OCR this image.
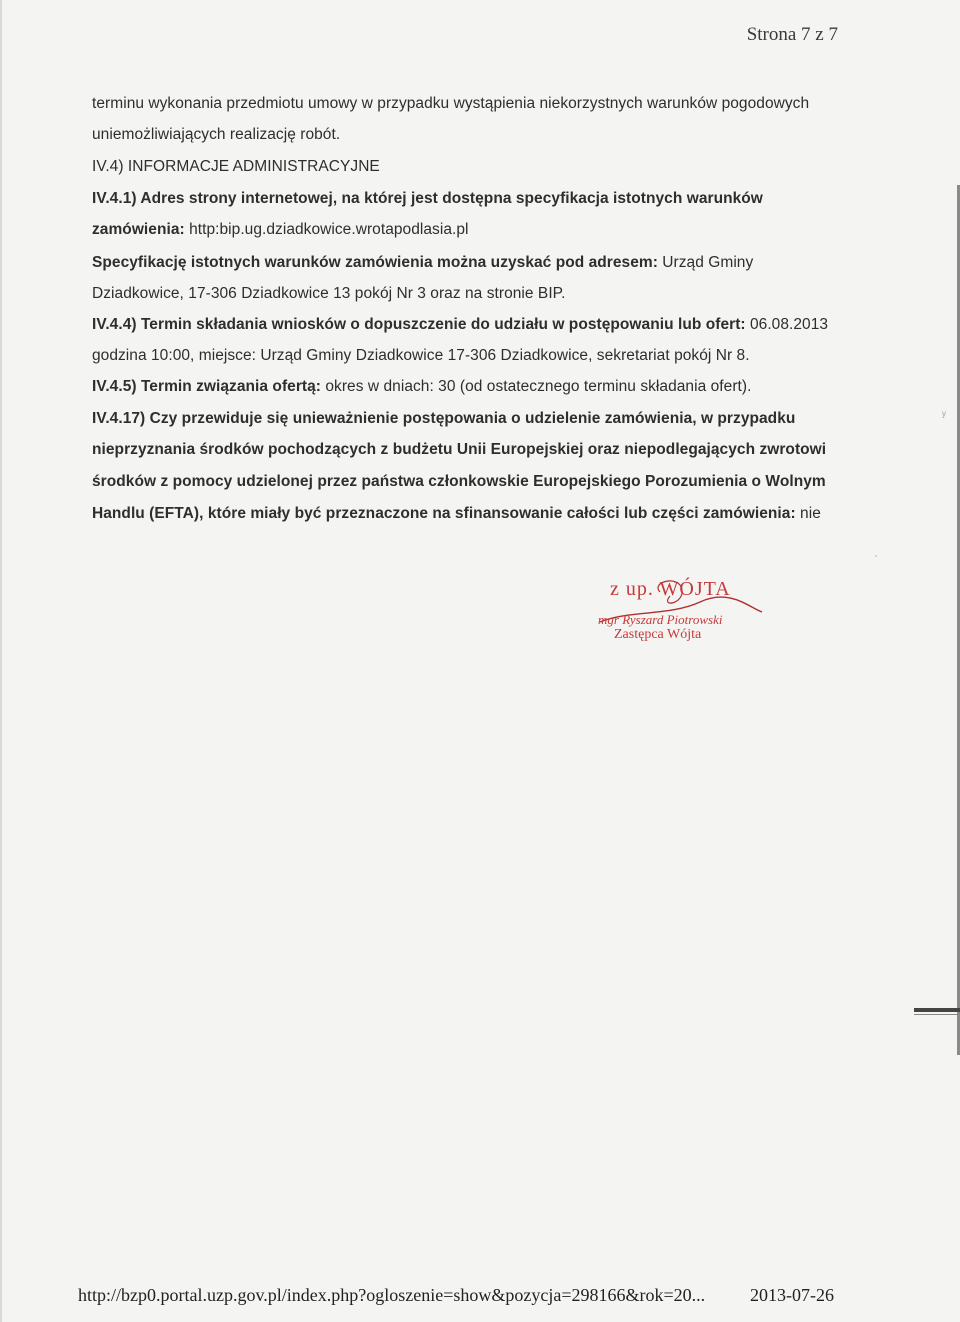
Strona 7 z 7
terminu wykonania przedmiotu umowy w przypadku wystąpienia niekorzystnych warunków pogodowych
uniemożliwiających realizację robót.
IV.4) INFORMACJE ADMINISTRACYJNE
IV.4.1) Adres strony internetowej, na której jest dostępna specyfikacja istotnych warunków
zamówienia: http:bip.ug.dziadkowice.wrotapodlasia.pl
Specyfikację istotnych warunków zamówienia można uzyskać pod adresem: Urząd Gminy
Dziadkowice, 17-306 Dziadkowice 13 pokój Nr 3 oraz na stronie BIP.
IV.4.4) Termin składania wniosków o dopuszczenie do udziału w postępowaniu lub ofert: 06.08.2013
godzina 10:00, miejsce: Urząd Gminy Dziadkowice 17-306 Dziadkowice, sekretariat pokój Nr 8.
IV.4.5) Termin związania ofertą: okres w dniach: 30 (od ostatecznego terminu składania ofert).
IV.4.17) Czy przewiduje się unieważnienie postępowania o udzielenie zamówienia, w przypadku
nieprzyznania środków pochodzących z budżetu Unii Europejskiej oraz niepodlegających zwrotowi
środków z pomocy udzielonej przez państwa członkowskie Europejskiego Porozumienia o Wolnym
Handlu (EFTA), które miały być przeznaczone na sfinansowanie całości lub części zamówienia: nie
z up. WÓJTA
mgr Ryszard Piotrowski
Zastępca Wójta
ʸ
·
http://bzp0.portal.uzp.gov.pl/index.php?ogloszenie=show&pozycja=298166&rok=20... 2013-07-26
